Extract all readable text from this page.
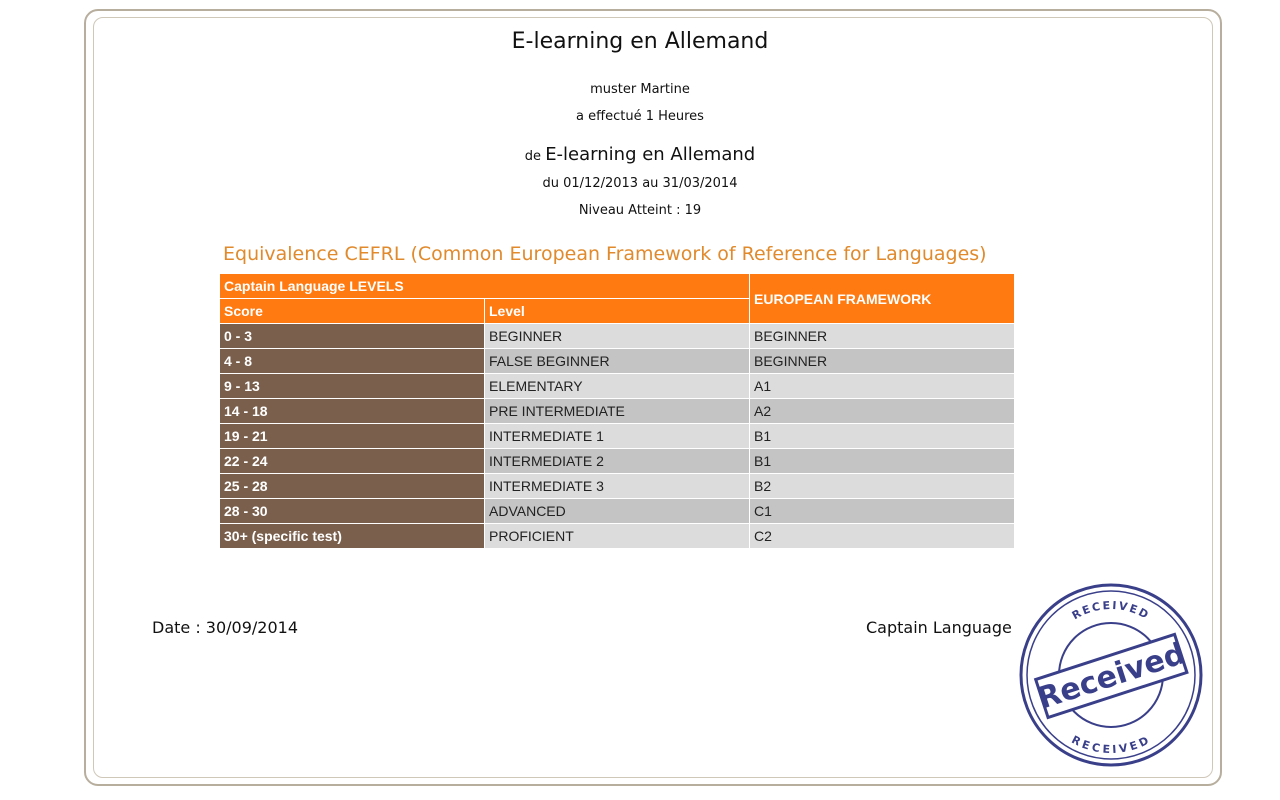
E-learning en Allemand
muster Martine
a effectué 1 Heures
de E-learning en Allemand
du 01/12/2013 au 31/03/2014
Niveau Atteint : 19
Equivalence CEFRL (Common European Framework of Reference for Languages)
Captain Language LEVELS		EUROPEAN FRAMEWORK
Score	Level	
0 - 3	BEGINNER	BEGINNER
4 - 8	FALSE BEGINNER	BEGINNER
9 - 13	ELEMENTARY	A1
14 - 18	PRE INTERMEDIATE	A2
19 - 21	INTERMEDIATE 1	B1
22 - 24	INTERMEDIATE 2	B1
25 - 28	INTERMEDIATE 3	B2
28 - 30	ADVANCED	C1
30+ (specific test)	PROFICIENT	C2
Date : 30/09/2014	Captain Language
RECEIVED
RECEIVED
Received
